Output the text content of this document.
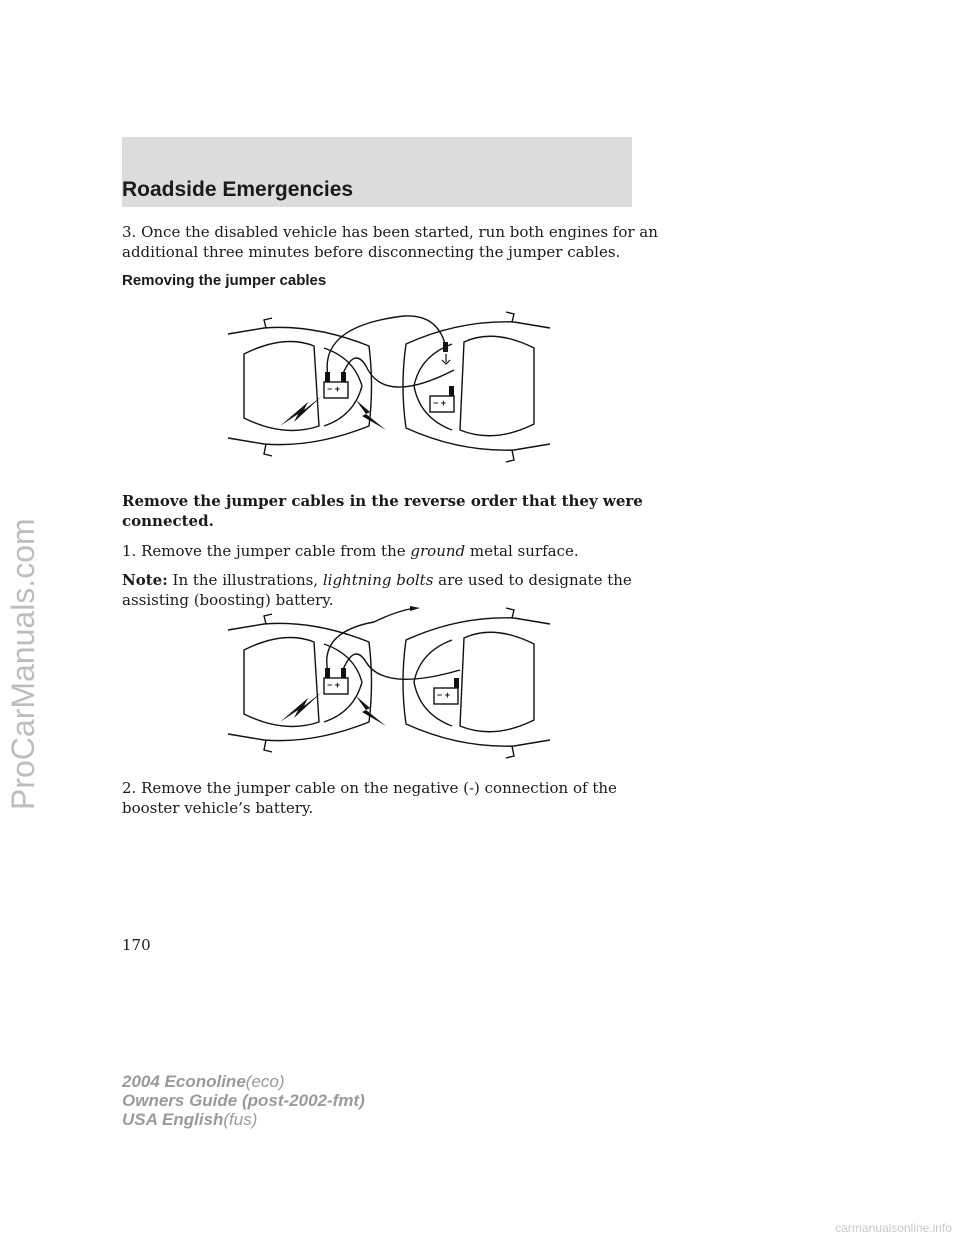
Roadside Emergencies
3. Once the disabled vehicle has been started, run both engines for an
additional three minutes before disconnecting the jumper cables.
Removing the jumper cables
− +
− +
Remove the jumper cables in the reverse order that they were
connected.
1. Remove the jumper cable from the ground metal surface.
Note: In the illustrations, lightning bolts are used to designate the
assisting (boosting) battery.
− +
− +
2. Remove the jumper cable on the negative (-) connection of the
booster vehicle’s battery.
170
2004 Econoline(eco)
Owners Guide (post-2002-fmt)
USA English(fus)
ProCarManuals.com
carmanualsonline.info
